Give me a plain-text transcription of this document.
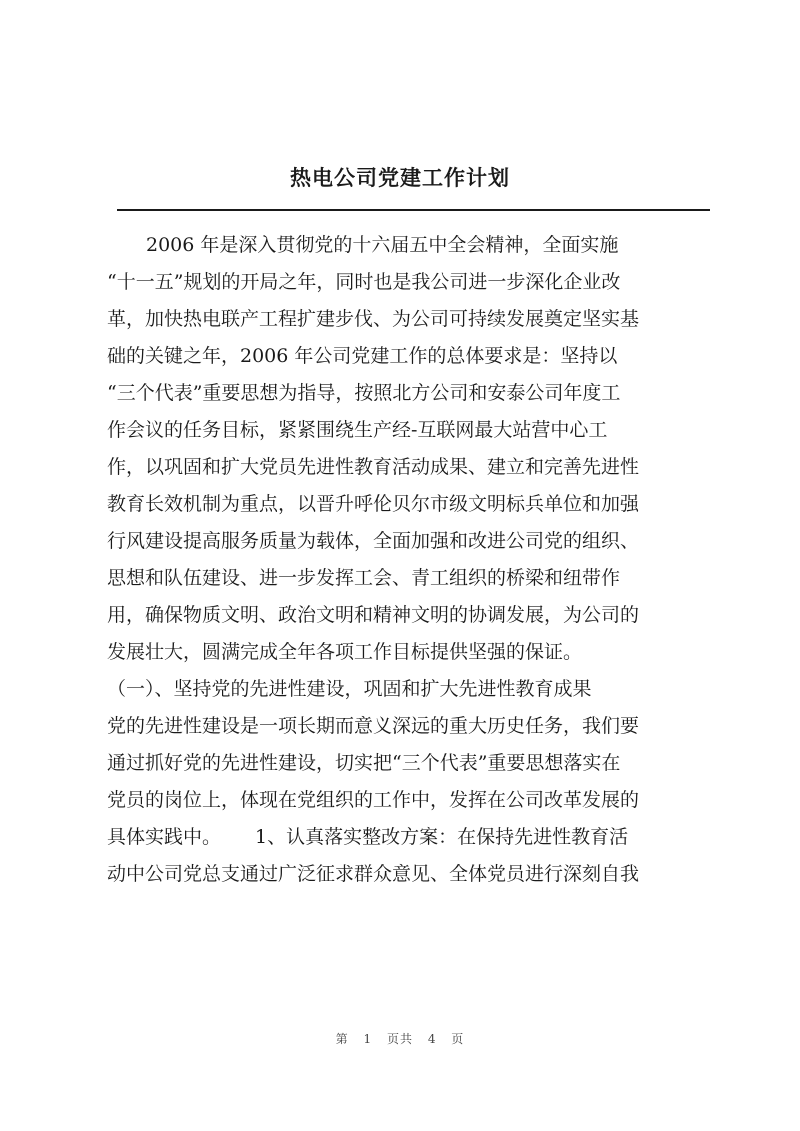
热电公司党建工作计划
2006 年是深入贯彻党的十六届五中全会精神，全面实施
“十一五”规划的开局之年，同时也是我公司进一步深化企业改
革，加快热电联产工程扩建步伐、为公司可持续发展奠定坚实基
础的关键之年，2006 年公司党建工作的总体要求是：坚持以
“三个代表”重要思想为指导，按照北方公司和安泰公司年度工
作会议的任务目标，紧紧围绕生产经-互联网最大站营中心工
作，以巩固和扩大党员先进性教育活动成果、建立和完善先进性
教育长效机制为重点，以晋升呼伦贝尔市级文明标兵单位和加强
行风建设提高服务质量为载体，全面加强和改进公司党的组织、
思想和队伍建设、进一步发挥工会、青工组织的桥梁和纽带作
用，确保物质文明、政治文明和精神文明的协调发展，为公司的
发展壮大，圆满完成全年各项工作目标提供坚强的保证。
（一）、坚持党的先进性建设，巩固和扩大先进性教育成果
党的先进性建设是一项长期而意义深远的重大历史任务，我们要
通过抓好党的先进性建设，切实把“三个代表”重要思想落实在
党员的岗位上，体现在党组织的工作中，发挥在公司改革发展的
具体实践中。 1、认真落实整改方案：在保持先进性教育活
动中公司党总支通过广泛征求群众意见、全体党员进行深刻自我
第 1 页共 4 页
